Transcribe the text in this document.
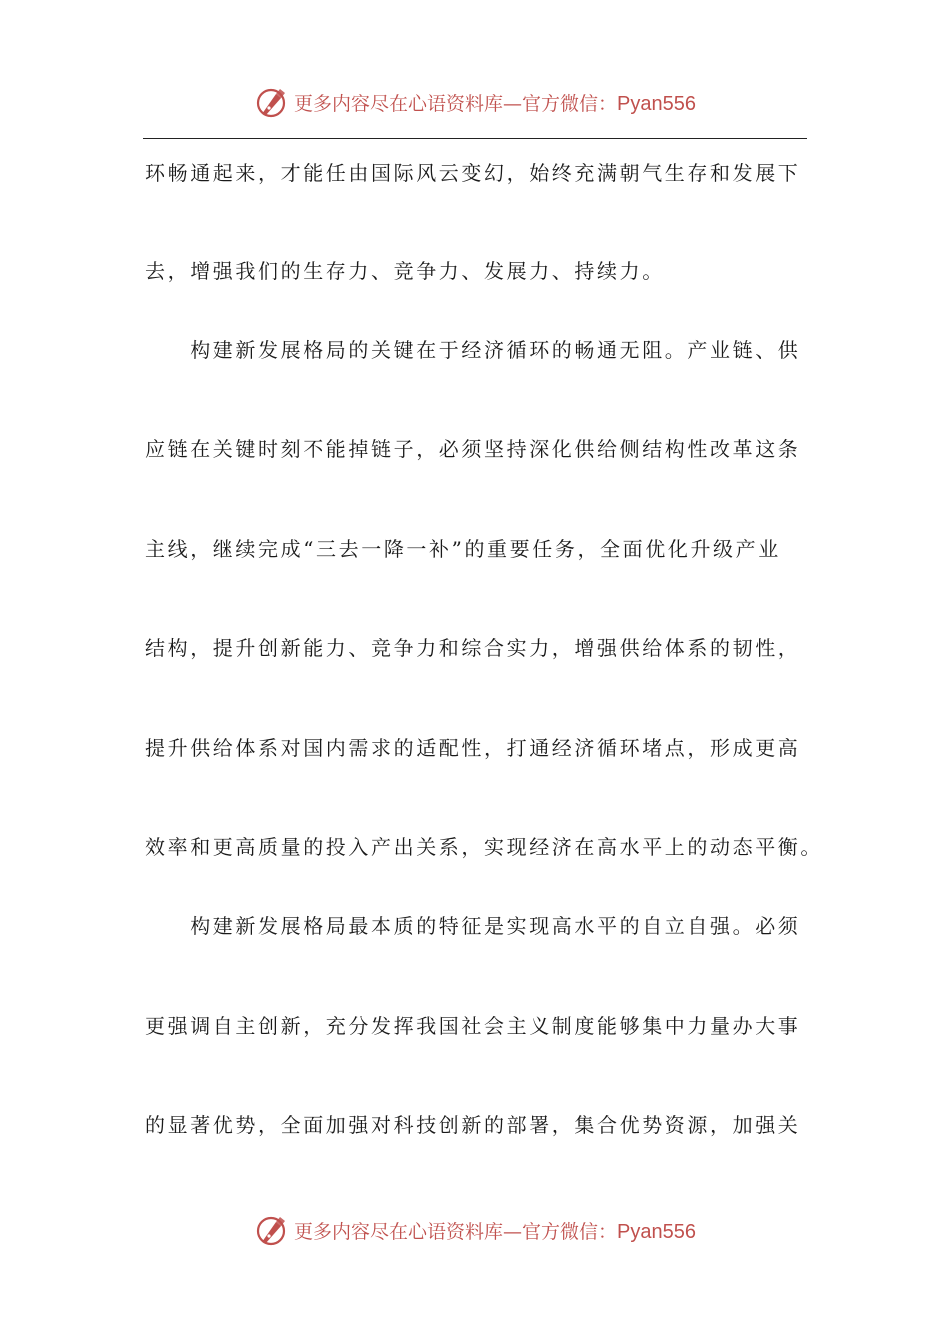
更多内容尽在心语资料库—官方微信：Pyan556
环畅通起来，才能任由国际风云变幻，始终充满朝气生存和发展下
去，增强我们的生存力、竞争力、发展力、持续力。
　　构建新发展格局的关键在于经济循环的畅通无阻。产业链、供
应链在关键时刻不能掉链子，必须坚持深化供给侧结构性改革这条
主线，继续完成“三去一降一补”的重要任务，全面优化升级产业
结构，提升创新能力、竞争力和综合实力，增强供给体系的韧性，
提升供给体系对国内需求的适配性，打通经济循环堵点，形成更高
效率和更高质量的投入产出关系，实现经济在高水平上的动态平衡。
　　构建新发展格局最本质的特征是实现高水平的自立自强。必须
更强调自主创新，充分发挥我国社会主义制度能够集中力量办大事
的显著优势，全面加强对科技创新的部署，集合优势资源，加强关
更多内容尽在心语资料库—官方微信：Pyan556
